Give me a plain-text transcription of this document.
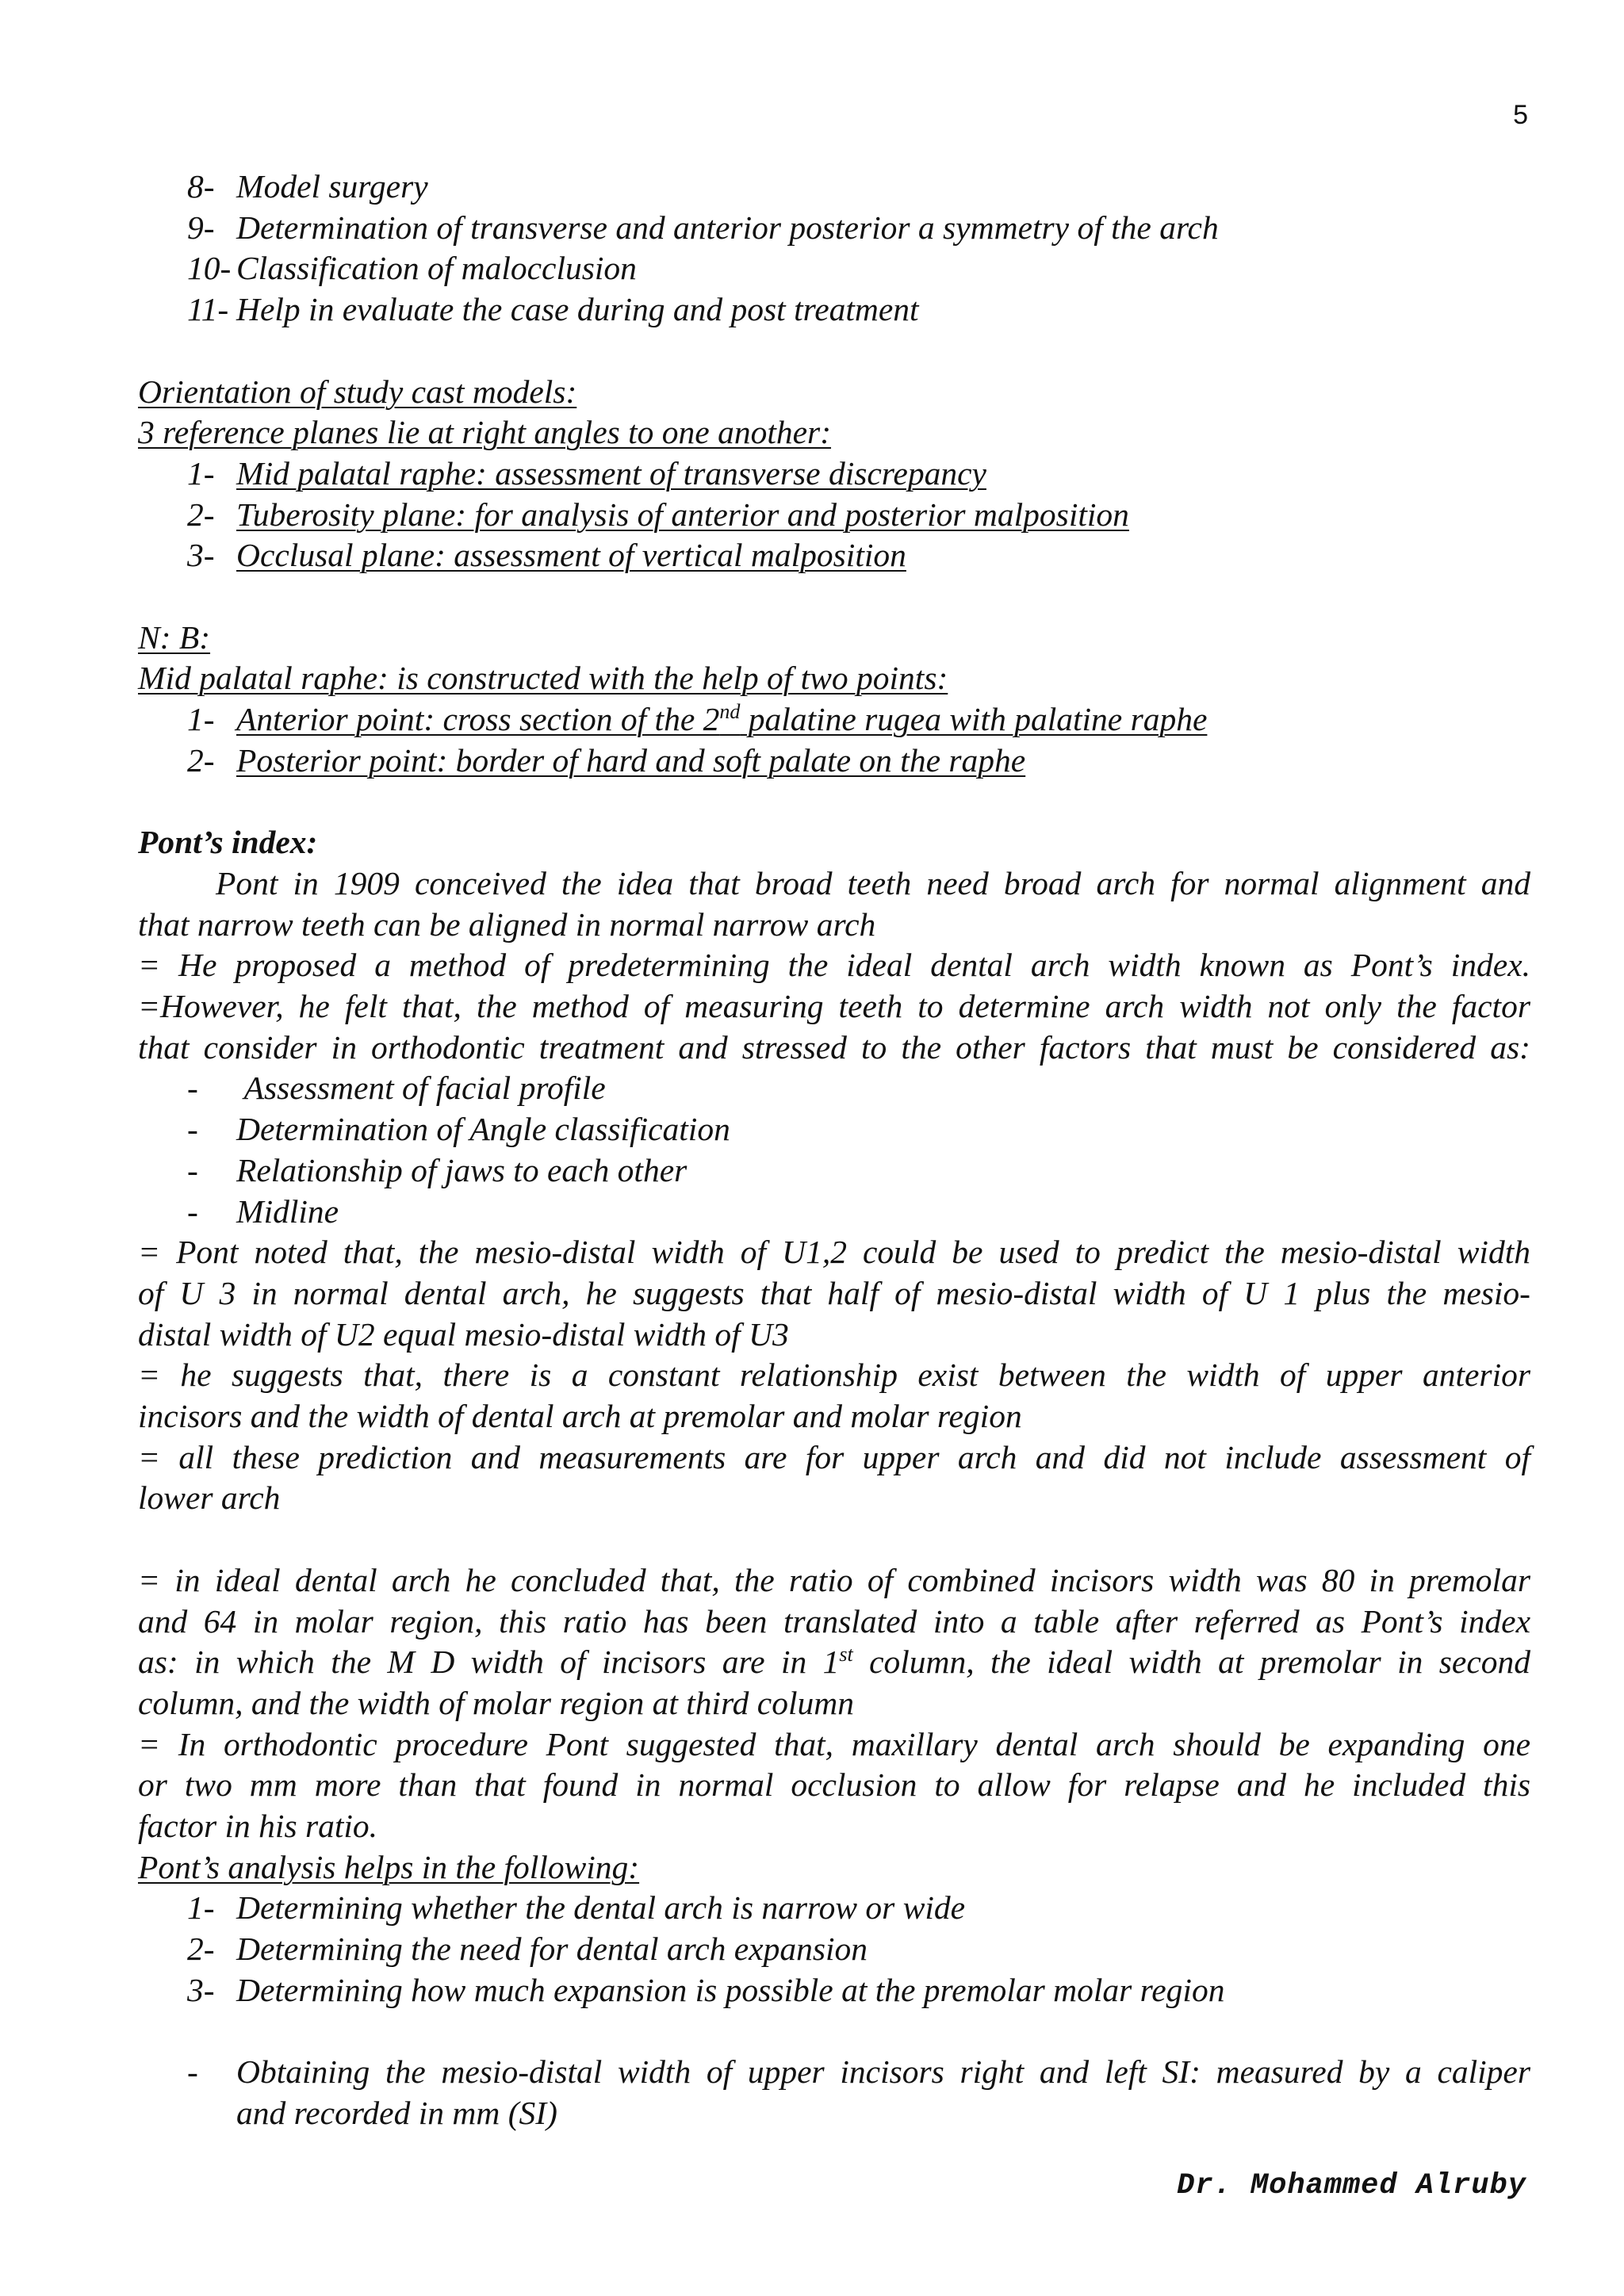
5
8- Model surgery
9- Determination of transverse and anterior posterior a symmetry of the arch
10- Classification of malocclusion
11- Help in evaluate the case during and post treatment
Orientation of study cast models:
3 reference planes lie at right angles to one another:
1- Mid palatal raphe: assessment of transverse discrepancy
2- Tuberosity plane: for analysis of anterior and posterior malposition
3- Occlusal plane: assessment of vertical malposition
N: B:
Mid palatal raphe: is constructed with the help of two points:
1- Anterior point: cross section of the 2nd palatine rugea with palatine raphe
2- Posterior point: border of hard and soft palate on the raphe
Pont’s index:
Pont in 1909 conceived the idea that broad teeth need broad arch for normal alignment and
that narrow teeth can be aligned in normal narrow arch
= He proposed a method of predetermining the ideal dental arch width known as Pont’s index.
=However, he felt that, the method of measuring teeth to determine arch width not only the factor
that consider in orthodontic treatment and stressed to the other factors that must be considered as:
- Assessment of facial profile
- Determination of Angle classification
- Relationship of jaws to each other
- Midline
= Pont noted that, the mesio-distal width of U1,2 could be used to predict the mesio-distal width
of U 3 in normal dental arch, he suggests that half of mesio-distal width of U 1 plus the mesio-
distal width of U2 equal mesio-distal width of U3
= he suggests that, there is a constant relationship exist between the width of upper anterior
incisors and the width of dental arch at premolar and molar region
= all these prediction and measurements are for upper arch and did not include assessment of
lower arch
= in ideal dental arch he concluded that, the ratio of combined incisors width was 80 in premolar
and 64 in molar region, this ratio has been translated into a table after referred as Pont’s index
as: in which the M D width of incisors are in 1st column, the ideal width at premolar in second
column, and the width of molar region at third column
= In orthodontic procedure Pont suggested that, maxillary dental arch should be expanding one
or two mm more than that found in normal occlusion to allow for relapse and he included this
factor in his ratio.
Pont’s analysis helps in the following:
1- Determining whether the dental arch is narrow or wide
2- Determining the need for dental arch expansion
3- Determining how much expansion is possible at the premolar molar region
- Obtaining the mesio-distal width of upper incisors right and left SI: measured by a caliper
and recorded in mm (SI)
Dr. Mohammed Alruby
